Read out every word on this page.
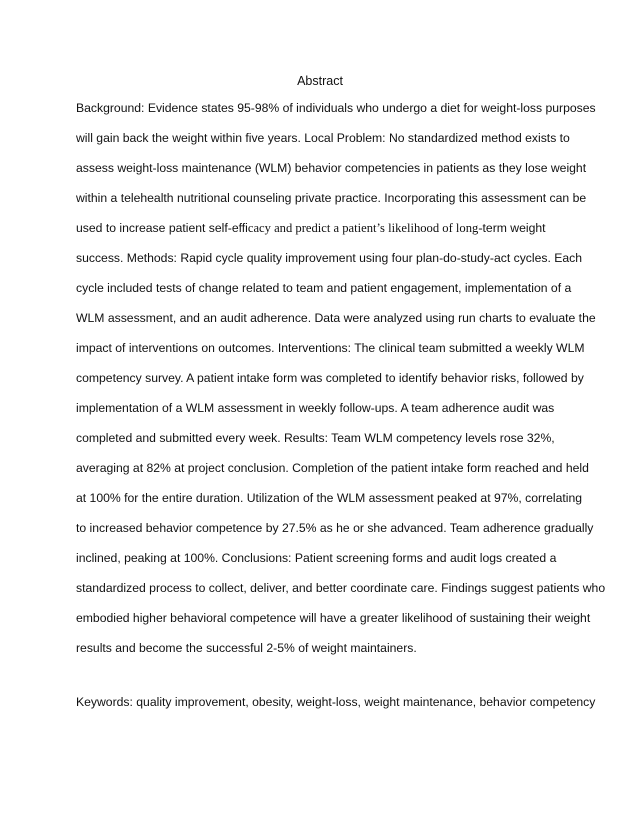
Abstract
Background: Evidence states 95-98% of individuals who undergo a diet for weight-loss purposes
will gain back the weight within five years. Local Problem: No standardized method exists to
assess weight-loss maintenance (WLM) behavior competencies in patients as they lose weight
within a telehealth nutritional counseling private practice. Incorporating this assessment can be
used to increase patient self-efficacy and predict a patient’s likelihood of long-term weight
success. Methods: Rapid cycle quality improvement using four plan-do-study-act cycles. Each
cycle included tests of change related to team and patient engagement, implementation of a
WLM assessment, and an audit adherence. Data were analyzed using run charts to evaluate the
impact of interventions on outcomes. Interventions: The clinical team submitted a weekly WLM
competency survey. A patient intake form was completed to identify behavior risks, followed by
implementation of a WLM assessment in weekly follow-ups. A team adherence audit was
completed and submitted every week. Results: Team WLM competency levels rose 32%,
averaging at 82% at project conclusion. Completion of the patient intake form reached and held
at 100% for the entire duration. Utilization of the WLM assessment peaked at 97%, correlating
to increased behavior competence by 27.5% as he or she advanced. Team adherence gradually
inclined, peaking at 100%. Conclusions: Patient screening forms and audit logs created a
standardized process to collect, deliver, and better coordinate care. Findings suggest patients who
embodied higher behavioral competence will have a greater likelihood of sustaining their weight
results and become the successful 2-5% of weight maintainers.
Keywords: quality improvement, obesity, weight-loss, weight maintenance, behavior competency
